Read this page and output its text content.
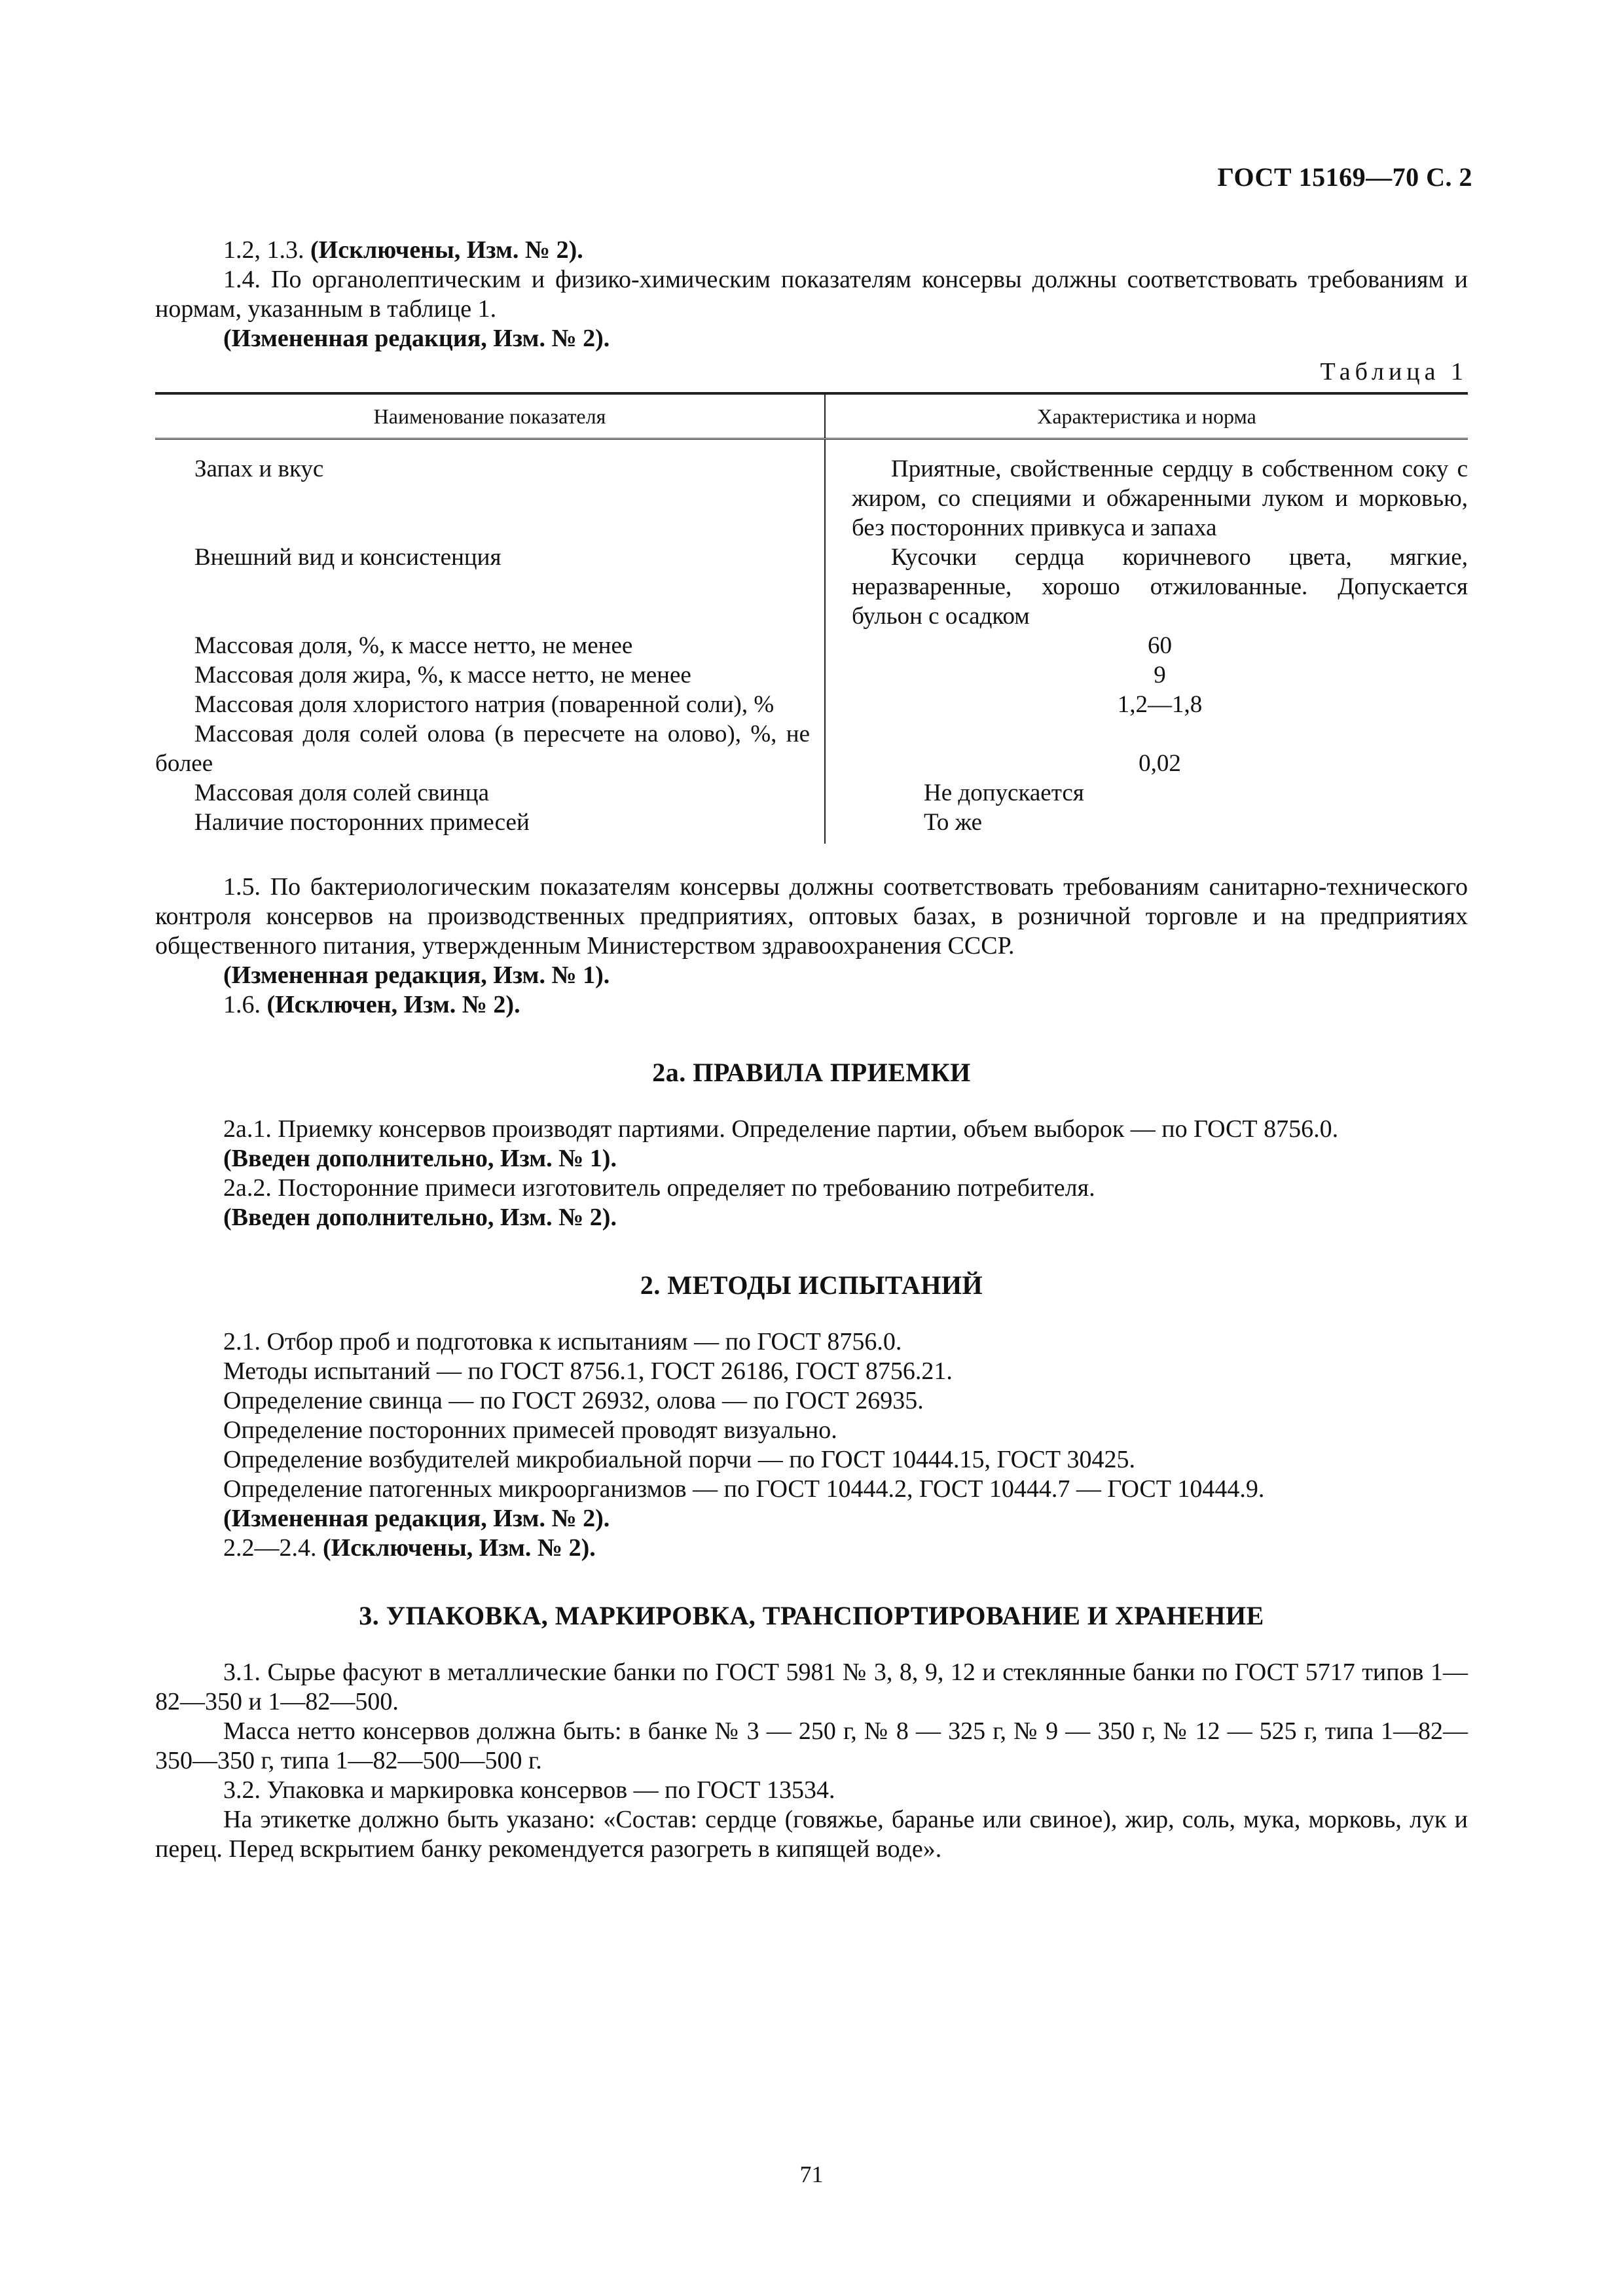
ГОСТ 15169—70 С. 2

1.2, 1.3. (Исключены, Изм. № 2).

1.4. По органолептическим и физико-химическим показателям консервы должны соответствовать требованиям и нормам, указанным в таблице 1.

(Измененная редакция, Изм. № 2).

Таблица 1
Наименование показателя	Характеристика и норма

Запах и вкус	Приятные, свойственные сердцу в собственном соку с жиром, со специями и обжаренными луком и морковью, без посторонних привкуса и запаха

Внешний вид и консистенция	Кусочки сердца коричневого цвета, мягкие, неразваренные, хорошо отжилованные. Допускается бульон с осадком

Массовая доля, %, к массе нетто, не менее	60

Массовая доля жира, %, к массе нетто, не менее	9

Массовая доля хлористого натрия (поваренной соли), %	1,2—1,8

Массовая доля солей олова (в пересчете на олово), %, не более	0,02

Массовая доля солей свинца	Не допускается

Наличие посторонних примесей	То же

1.5. По бактериологическим показателям консервы должны соответствовать требованиям санитарно-технического контроля консервов на производственных предприятиях, оптовых базах, в розничной торговле и на предприятиях общественного питания, утвержденным Министерством здравоохранения СССР.

(Измененная редакция, Изм. № 1).

1.6. (Исключен, Изм. № 2).

2а. ПРАВИЛА ПРИЕМКИ

2а.1. Приемку консервов производят партиями. Определение партии, объем выборок — по ГОСТ 8756.0.

(Введен дополнительно, Изм. № 1).

2а.2. Посторонние примеси изготовитель определяет по требованию потребителя.

(Введен дополнительно, Изм. № 2).

2. МЕТОДЫ ИСПЫТАНИЙ

2.1. Отбор проб и подготовка к испытаниям — по ГОСТ 8756.0.

Методы испытаний — по ГОСТ 8756.1, ГОСТ 26186, ГОСТ 8756.21.

Определение свинца — по ГОСТ 26932, олова — по ГОСТ 26935.

Определение посторонних примесей проводят визуально.

Определение возбудителей микробиальной порчи — по ГОСТ 10444.15, ГОСТ 30425.

Определение патогенных микроорганизмов — по ГОСТ 10444.2, ГОСТ 10444.7 — ГОСТ 10444.9.

(Измененная редакция, Изм. № 2).

2.2—2.4. (Исключены, Изм. № 2).

3. УПАКОВКА, МАРКИРОВКА, ТРАНСПОРТИРОВАНИЕ И ХРАНЕНИЕ

3.1. Сырье фасуют в металлические банки по ГОСТ 5981 № 3, 8, 9, 12 и стеклянные банки по ГОСТ 5717 типов 1—82—350 и 1—82—500.

Масса нетто консервов должна быть: в банке № 3 — 250 г, № 8 — 325 г, № 9 — 350 г, № 12 — 525 г, типа 1—82—350—350 г, типа 1—82—500—500 г.

3.2. Упаковка и маркировка консервов — по ГОСТ 13534.

На этикетке должно быть указано: «Состав: сердце (говяжье, баранье или свиное), жир, соль, мука, морковь, лук и перец. Перед вскрытием банку рекомендуется разогреть в кипящей воде».

71
